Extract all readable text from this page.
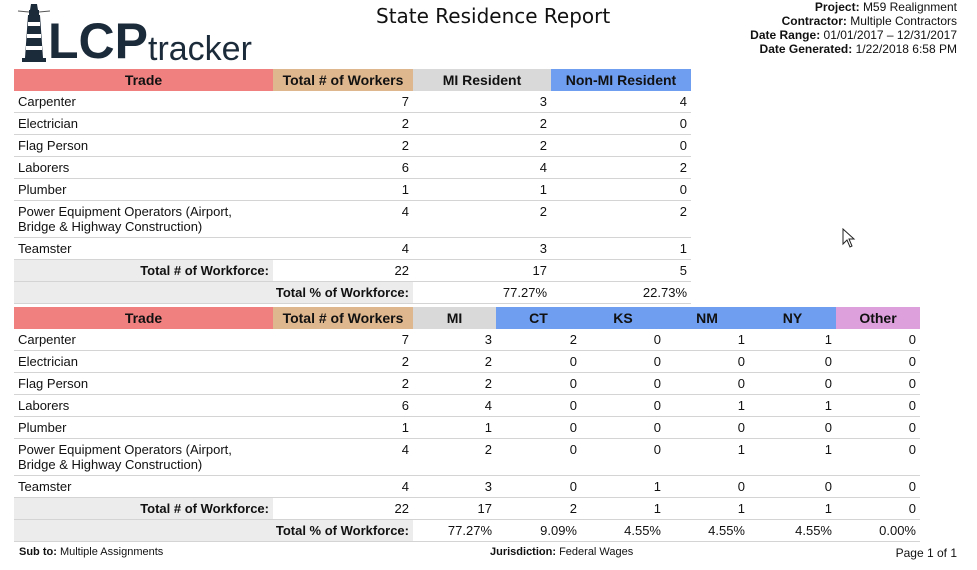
LCP tracker
State Residence Report	Project: M59 Realignment
Contractor: Multiple Contractors
Date Range: 01/01/2017 – 12/31/2017
Date Generated: 1/22/2018 6:58 PM
Trade	Total # of Workers	MI Resident	Non-MI Resident
Carpenter	7	3	4
Electrician	2	2	0
Flag Person	2	2	0
Laborers	6	4	2
Plumber	1	1	0
Power Equipment Operators (Airport, Bridge & Highway Construction)	4	2	2
Teamster	4	3	1
Total # of Workforce:	22	17	5
Total % of Workforce:		77.27%	22.73%
Trade	Total # of Workers	MI	CT	KS	NM	NY	Other
Carpenter	7	3	2	0	1	1	0
Electrician	2	2	0	0	0	0	0
Flag Person	2	2	0	0	0	0	0
Laborers	6	4	0	0	1	1	0
Plumber	1	1	0	0	0	0	0
Power Equipment Operators (Airport, Bridge & Highway Construction)	4	2	0	0	1	1	0
Teamster	4	3	0	1	0	0	0
Total # of Workforce:	22	17	2	1	1	1	0
Total % of Workforce:		77.27%	9.09%	4.55%	4.55%	4.55%	0.00%
Sub to: Multiple Assignments	Jurisdiction: Federal Wages	Page 1 of 1
